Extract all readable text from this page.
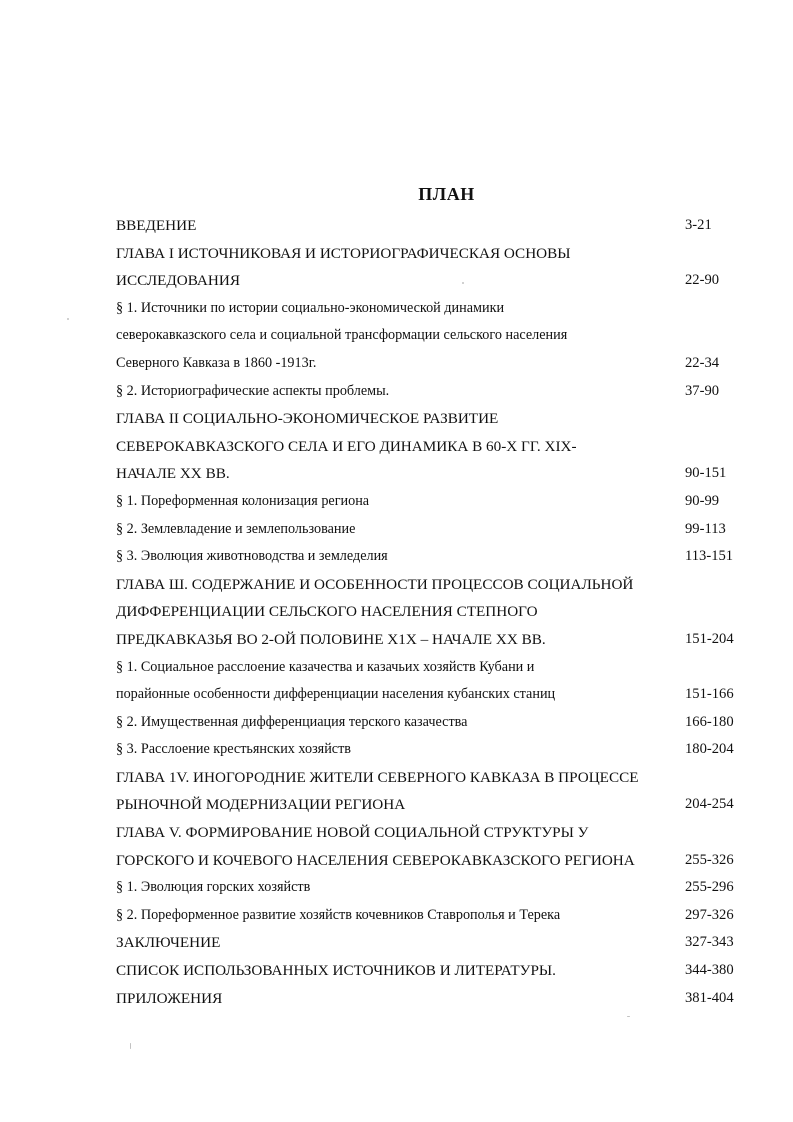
ПЛАН
ВВЕДЕНИЕ	3-21
ГЛАВА I ИСТОЧНИКОВАЯ И ИСТОРИОГРАФИЧЕСКАЯ ОСНОВЫ
ИССЛЕДОВАНИЯ	22-90
§ 1. Источники по истории социально-экономической динамики
северокавказского села и социальной трансформации сельского населения
Северного Кавказа в 1860 -1913г.	22-34
§ 2. Историографические аспекты проблемы.	37-90
ГЛАВА II СОЦИАЛЬНО-ЭКОНОМИЧЕСКОЕ РАЗВИТИЕ
СЕВЕРОКАВКАЗСКОГО СЕЛА И ЕГО ДИНАМИКА В 60-Х ГГ. XIX-
НАЧАЛЕ XX ВВ.	90-151
§ 1. Пореформенная колонизация региона	90-99
§ 2. Землевладение и землепользование	99-113
§ 3. Эволюция животноводства и земледелия	113-151
ГЛАВА Ш. СОДЕРЖАНИЕ И ОСОБЕННОСТИ ПРОЦЕССОВ СОЦИАЛЬНОЙ
ДИФФЕРЕНЦИАЦИИ СЕЛЬСКОГО НАСЕЛЕНИЯ СТЕПНОГО
ПРЕДКАВКАЗЬЯ ВО 2-ОЙ ПОЛОВИНЕ Х1Х – НАЧАЛЕ XX ВВ.	151-204
§ 1. Социальное расслоение казачества и казачьих хозяйств Кубани и
порайонные особенности дифференциации населения кубанских станиц	151-166
§ 2. Имущественная дифференциация терского казачества	166-180
§ 3. Расслоение крестьянских хозяйств	180-204
ГЛАВА 1V. ИНОГОРОДНИЕ ЖИТЕЛИ СЕВЕРНОГО КАВКАЗА В ПРОЦЕССЕ
РЫНОЧНОЙ МОДЕРНИЗАЦИИ РЕГИОНА	204-254
ГЛАВА V. ФОРМИРОВАНИЕ НОВОЙ СОЦИАЛЬНОЙ СТРУКТУРЫ У
ГОРСКОГО И КОЧЕВОГО НАСЕЛЕНИЯ СЕВЕРОКАВКАЗСКОГО РЕГИОНА	255-326
§ 1. Эволюция горских хозяйств	255-296
§ 2. Пореформенное развитие хозяйств кочевников Ставрополья и Терека	297-326
ЗАКЛЮЧЕНИЕ	327-343
СПИСОК ИСПОЛЬЗОВАННЫХ ИСТОЧНИКОВ И ЛИТЕРАТУРЫ.	344-380
ПРИЛОЖЕНИЯ	381-404
